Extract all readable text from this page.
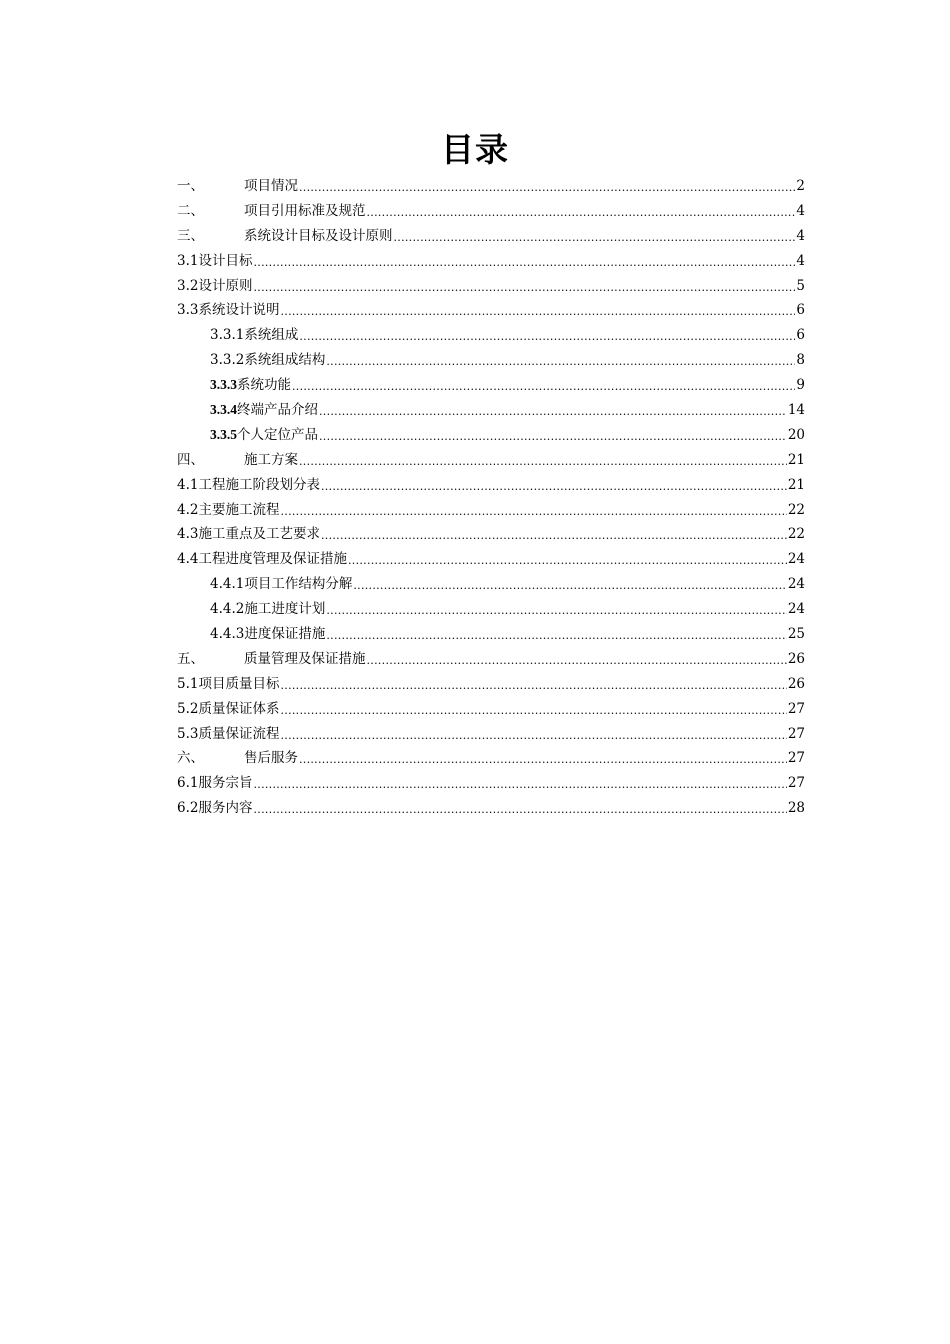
目录
一、	项目情况 .....	2
二、	项目引用标准及规范 .....	4
三、	系统设计目标及设计原则 .....	4
3.1 设计目标 .....	4
3.2 设计原则 .....	5
3.3 系统设计说明 .....	6
3.3.1 系统组成 .....	6
3.3.2 系统组成结构 .....	8
3.3.3 系统功能 .....	9
3.3.4 终端产品介绍 .....	14
3.3.5 个人定位产品 .....	20
四、	施工方案 .....	21
4.1 工程施工阶段划分表 .....	21
4.2 主要施工流程 .....	22
4.3 施工重点及工艺要求 .....	22
4.4 工程进度管理及保证措施 .....	24
4.4.1 项目工作结构分解 .....	24
4.4.2 施工进度计划 .....	24
4.4.3 进度保证措施 .....	25
五、	质量管理及保证措施 .....	26
5.1 项目质量目标 .....	26
5.2 质量保证体系 .....	27
5.3 质量保证流程 .....	27
六、	售后服务 .....	27
6.1 服务宗旨 .....	27
6.2 服务内容 .....	28
